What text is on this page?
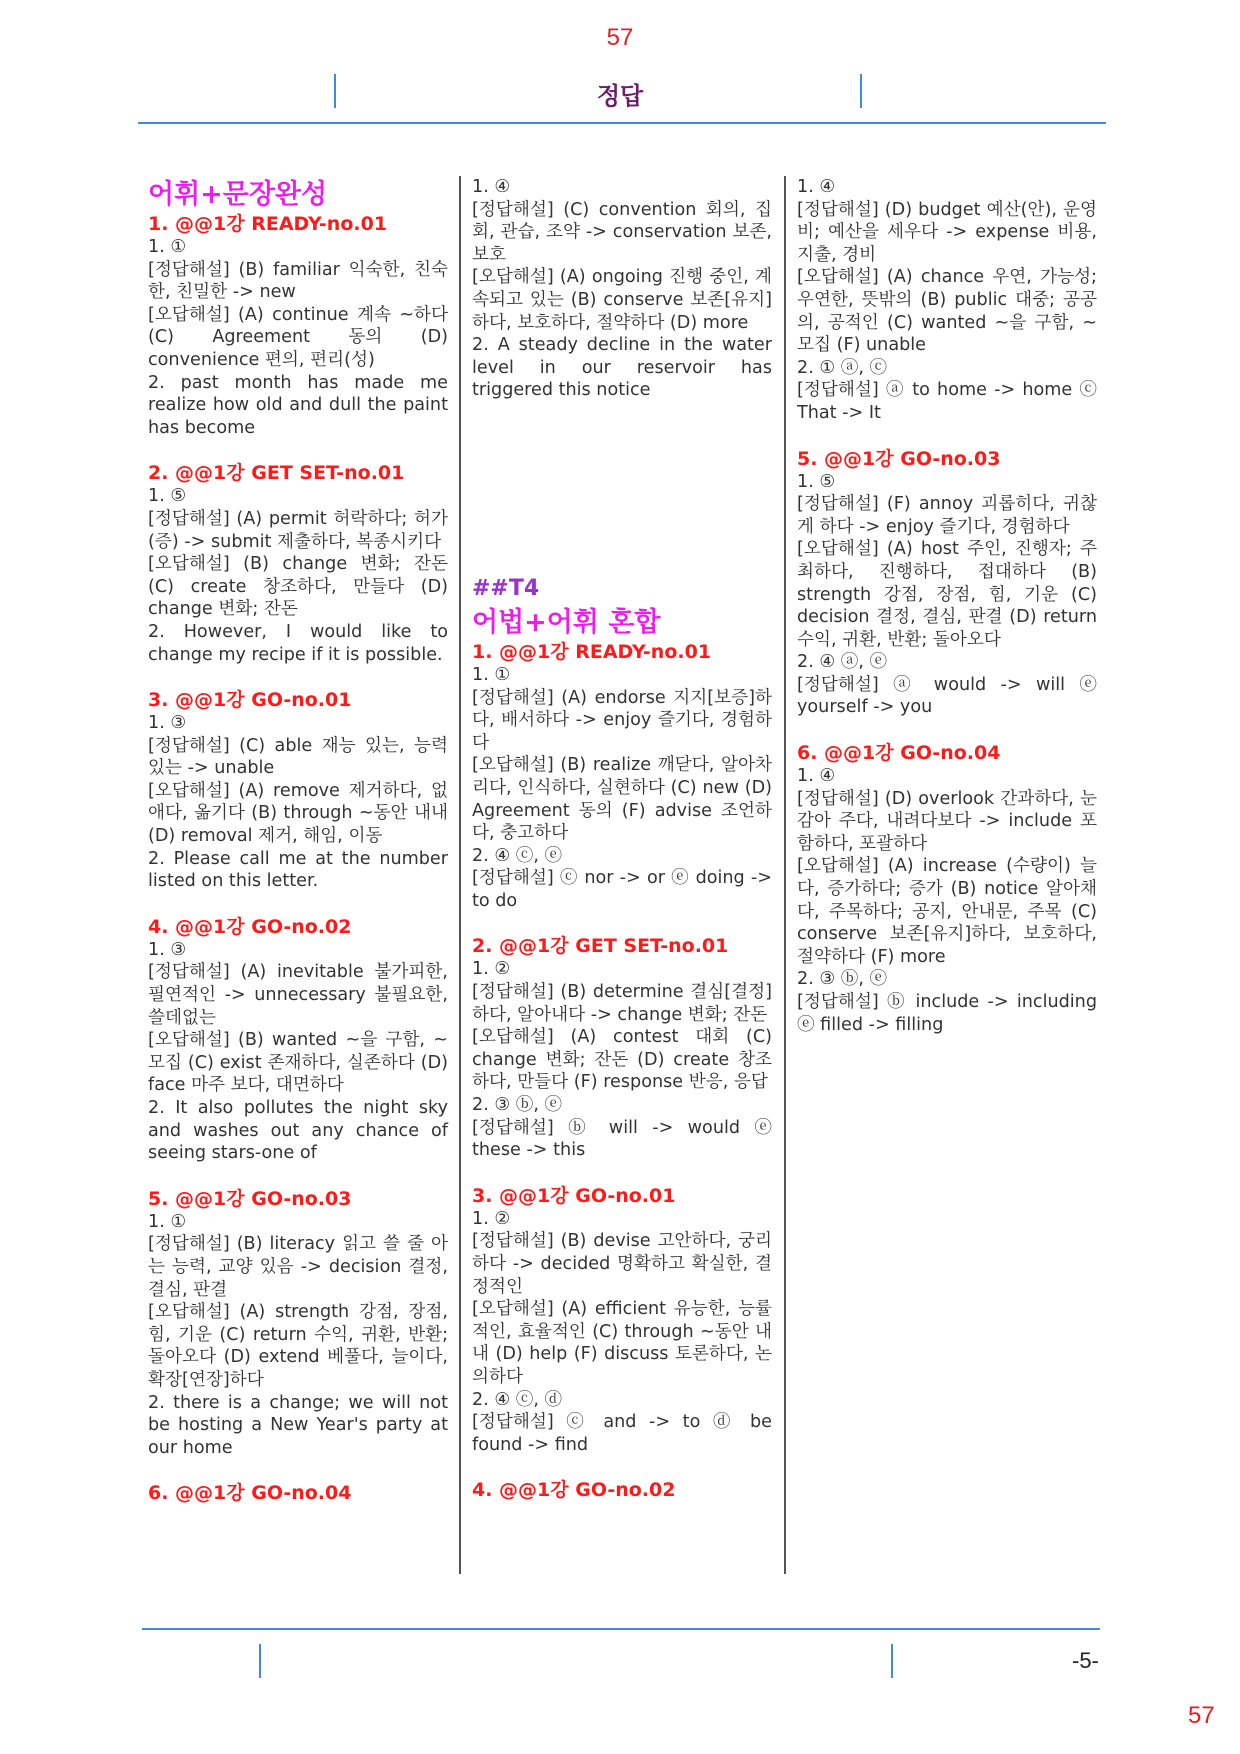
57
정답
어휘+문장완성
1. @@1강 READY-no.01
1. ①
[정답해설] (B) familiar 익숙한, 친숙한, 친밀한 -> new
[오답해설] (A) continue 계속 ~하다 (C) Agreement 동의 (D) convenience 편의, 편리(성)
2. past month has made me realize how old and dull the paint has become
2. @@1강 GET SET-no.01
1. ⑤
[정답해설] (A) permit 허락하다; 허가(증) -> submit 제출하다, 복종시키다
[오답해설] (B) change 변화; 잔돈 (C) create 창조하다, 만들다 (D) change 변화; 잔돈
2. However, I would like to change my recipe if it is possible.
3. @@1강 GO-no.01
1. ③
[정답해설] (C) able 재능 있는, 능력 있는 -> unable
[오답해설] (A) remove 제거하다, 없애다, 옮기다 (B) through ~동안 내내 (D) removal 제거, 해임, 이동
2. Please call me at the number listed on this letter.
4. @@1강 GO-no.02
1. ③
[정답해설] (A) inevitable 불가피한, 필연적인 -> unnecessary 불필요한, 쓸데없는
[오답해설] (B) wanted ~을 구함, ~ 모집 (C) exist 존재하다, 실존하다 (D) face 마주 보다, 대면하다
2. It also pollutes the night sky and washes out any chance of seeing stars-one of
5. @@1강 GO-no.03
1. ①
[정답해설] (B) literacy 읽고 쓸 줄 아는 능력, 교양 있음 -> decision 결정, 결심, 판결
[오답해설] (A) strength 강점, 장점, 힘, 기운 (C) return 수익, 귀환, 반환; 돌아오다 (D) extend 베풀다, 늘이다, 확장[연장]하다
2. there is a change; we will not be hosting a New Year's party at our home
6. @@1강 GO-no.04
1. ④
[정답해설] (C) convention 회의, 집회, 관습, 조약 -> conservation 보존, 보호
[오답해설] (A) ongoing 진행 중인, 계속되고 있는 (B) conserve 보존[유지]하다, 보호하다, 절약하다 (D) more
2. A steady decline in the water level in our reservoir has triggered this notice
##T4
어법+어휘 혼합
1. @@1강 READY-no.01
1. ①
[정답해설] (A) endorse 지지[보증]하다, 배서하다 -> enjoy 즐기다, 경험하다
[오답해설] (B) realize 깨닫다, 알아차리다, 인식하다, 실현하다 (C) new (D) Agreement 동의 (F) advise 조언하다, 충고하다
2. ④ ⓒ, ⓔ
[정답해설] ⓒ nor -> or ⓔ doing -> to do
2. @@1강 GET SET-no.01
1. ②
[정답해설] (B) determine 결심[결정]하다, 알아내다 -> change 변화; 잔돈
[오답해설] (A) contest 대회 (C) change 변화; 잔돈 (D) create 창조하다, 만들다 (F) response 반응, 응답
2. ③ ⓑ, ⓔ
[정답해설] ⓑ will -> would ⓔ these -> this
3. @@1강 GO-no.01
1. ②
[정답해설] (B) devise 고안하다, 궁리하다 -> decided 명확하고 확실한, 결정적인
[오답해설] (A) efficient 유능한, 능률적인, 효율적인 (C) through ~동안 내내 (D) help (F) discuss 토론하다, 논의하다
2. ④ ⓒ, ⓓ
[정답해설] ⓒ and -> to ⓓ be found -> find
4. @@1강 GO-no.02
1. ④
[정답해설] (D) budget 예산(안), 운영비; 예산을 세우다 -> expense 비용, 지출, 경비
[오답해설] (A) chance 우연, 가능성; 우연한, 뜻밖의 (B) public 대중; 공공의, 공적인 (C) wanted ~을 구함, ~ 모집 (F) unable
2. ① ⓐ, ⓒ
[정답해설] ⓐ to home -> home ⓒ That -> It
5. @@1강 GO-no.03
1. ⑤
[정답해설] (F) annoy 괴롭히다, 귀찮게 하다 -> enjoy 즐기다, 경험하다
[오답해설] (A) host 주인, 진행자; 주최하다, 진행하다, 접대하다 (B) strength 강점, 장점, 힘, 기운 (C) decision 결정, 결심, 판결 (D) return 수익, 귀환, 반환; 돌아오다
2. ④ ⓐ, ⓔ
[정답해설] ⓐ would -> will ⓔ yourself -> you
6. @@1강 GO-no.04
1. ④
[정답해설] (D) overlook 간과하다, 눈감아 주다, 내려다보다 -> include 포함하다, 포괄하다
[오답해설] (A) increase (수량이) 늘다, 증가하다; 증가 (B) notice 알아채다, 주목하다; 공지, 안내문, 주목 (C) conserve 보존[유지]하다, 보호하다, 절약하다 (F) more
2. ③ ⓑ, ⓔ
[정답해설] ⓑ include -> including ⓔ filled -> filling
-5-
57
